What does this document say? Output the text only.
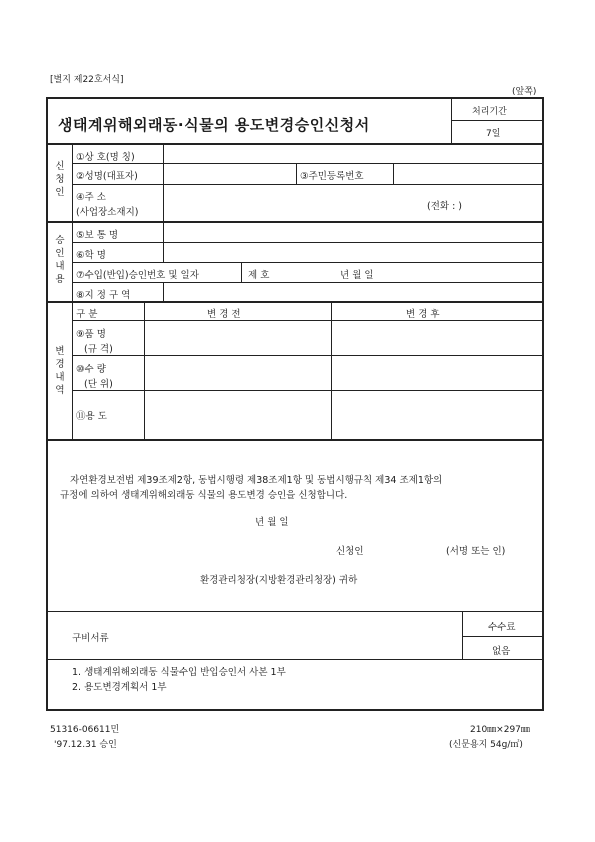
[별지 제22호서식]
(앞쪽)
생태계위해외래동·식물의 용도변경승인신청서
처리기간
7일
신청인
①상 호(명 칭)
②성명(대표자)	③주민등록번호
④주 소
(사업장소재지)
(전화 : )
승인내용
⑤보 통 명
⑥학 명
⑦수입(반입)승인번호 및 일자	제 호	년 월 일
⑧지 정 구 역
변경내역
구 분	변 경 전	변 경 후
⑨품 명
(규 격)
⑩수 량
(단 위)
⑪용 도
자연환경보전법 제39조제2항, 동법시행령 제38조제1항 및 동법시행규칙 제34 조제1항의
규정에 의하여 생태계위해외래동 식물의 용도변경 승인을 신청합니다.
년 월 일
신청인	(서명 또는 인)
환경관리청장(지방환경관리청장) 귀하
수수료
없음
구비서류
1. 생태계위해외래동 식물수입 반입승인서 사본 1부
2. 용도변경계획서 1부
51316-06611민
'97.12.31 승인
210㎜×297㎜
(신문용지 54g/㎡)
